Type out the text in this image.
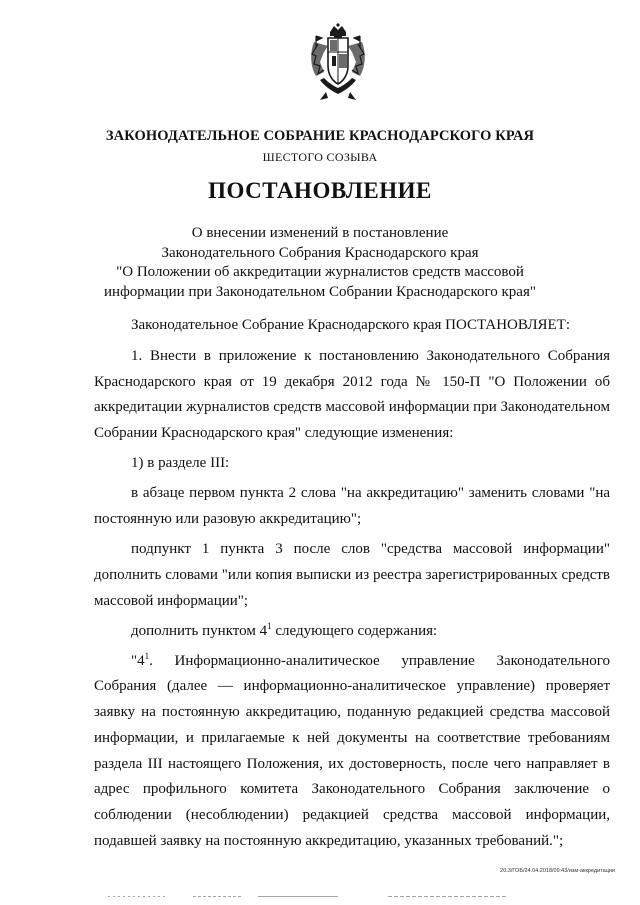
ЗАКОНОДАТЕЛЬНОЕ СОБРАНИЕ КРАСНОДАРСКОГО КРАЯ
ШЕСТОГО СОЗЫВА
ПОСТАНОВЛЕНИЕ
О внесении изменений в постановление
Законодательного Собрания Краснодарского края
"О Положении об аккредитации журналистов средств массовой
информации при Законодательном Собрании Краснодарского края"

Законодательное Собрание Краснодарского края ПОСТАНОВЛЯЕТ:

1. Внести в приложение к постановлению Законодательного Собрания Краснодарского края от 19 декабря 2012 года № 150-П "О Положении об аккредитации журналистов средств массовой информации при Законодательном Собрании Краснодарского края" следующие изменения:

1) в разделе III:

в абзаце первом пункта 2 слова "на аккредитацию" заменить словами "на постоянную или разовую аккредитацию";

подпункт 1 пункта 3 после слов "средства массовой информации" дополнить словами "или копия выписки из реестра зарегистрированных средств массовой информации";

дополнить пунктом $4^1$ следующего содержания:

"$4^1$. Информационно-аналитическое управление Законодательного Собрания (далее — информационно-аналитическое управление) проверяет заявку на постоянную аккредитацию, поданную редакцией средства массовой информации, и прилагаемые к ней документы на соответствие требованиям раздела III настоящего Положения, их достоверность, после чего направляет в адрес профильного комитета Законодательного Собрания заключение о соблюдении (несоблюдении) редакцией средства массовой информации, подавшей заявку на постоянную аккредитацию, указанных требований.";

20.3/ГОБ/24.04.2018/09:43/изм-аккредитации
